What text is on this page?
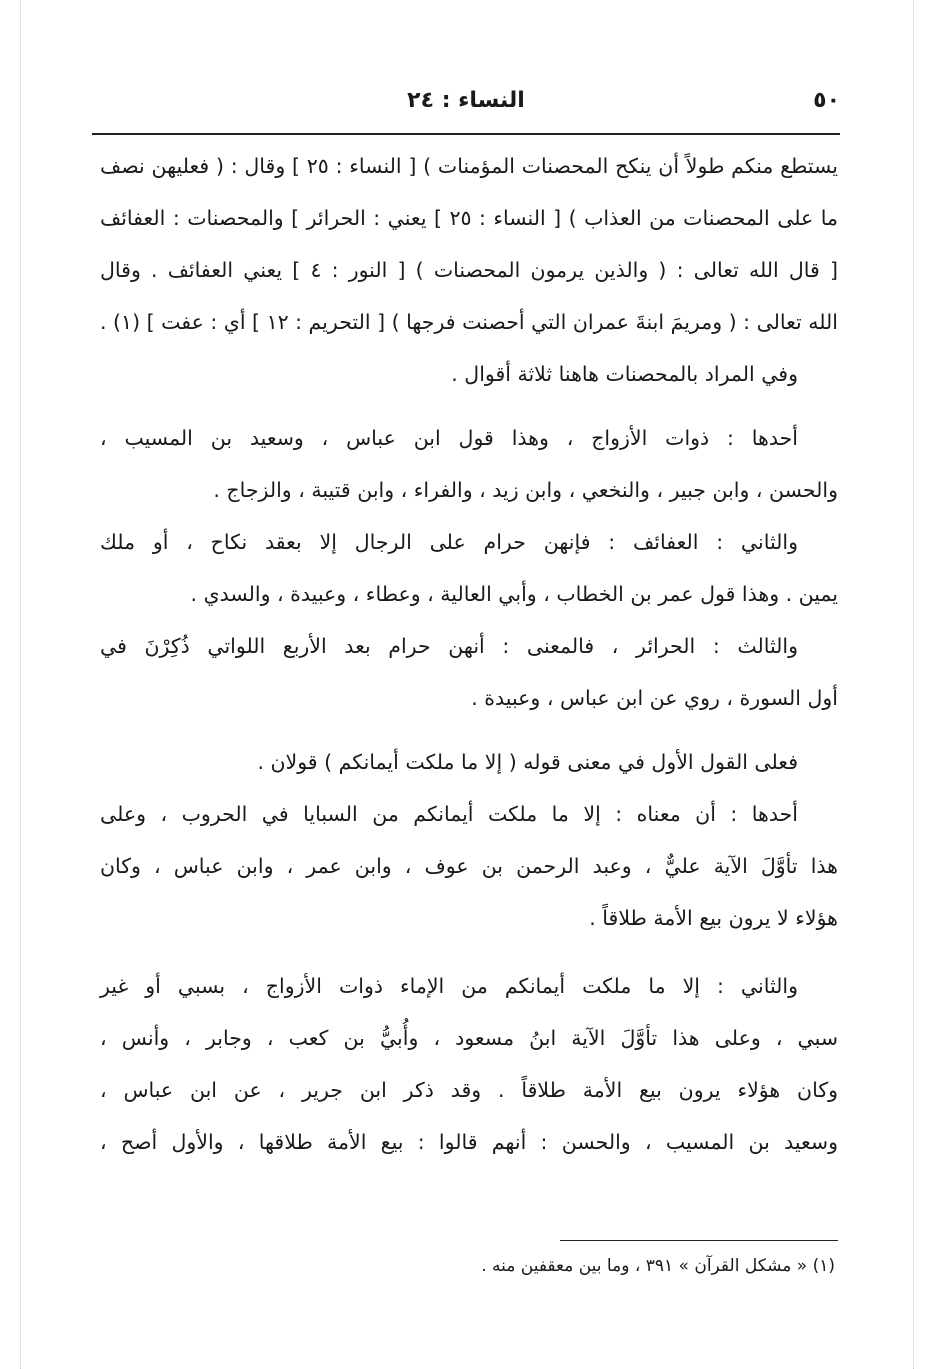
٥٠
النساء : ٢٤
يستطع منكم طولاً أن ينكح المحصنات المؤمنات ) [ النساء : ٢٥ ] وقال : ( فعليهن نصف
ما على المحصنات من العذاب ) [ النساء : ٢٥ ] يعني : الحرائر ] والمحصنات : العفائف
[ قال الله تعالى : ( والذين يرمون المحصنات ) [ النور : ٤ ] يعني العفائف . وقال
الله تعالى : ( ومريمَ ابنةَ عمران التي أحصنت فرجها ) [ التحريم : ١٢ ] أي : عفت ] (١) .
وفي المراد بالمحصنات هاهنا ثلاثة أقوال .
أحدها : ذوات الأزواج ، وهذا قول ابن عباس ، وسعيد بن المسيب ،
والحسن ، وابن جبير ، والنخعي ، وابن زيد ، والفراء ، وابن قتيبة ، والزجاج .
والثاني : العفائف : فإنهن حرام على الرجال إلا بعقد نكاح ، أو ملك
يمين . وهذا قول عمر بن الخطاب ، وأبي العالية ، وعطاء ، وعبيدة ، والسدي .
والثالث : الحرائر ، فالمعنى : أنهن حرام بعد الأربع اللواتي ذُكِرْنَ في
أول السورة ، روي عن ابن عباس ، وعبيدة .
فعلى القول الأول في معنى قوله ( إلا ما ملكت أيمانكم ) قولان .
أحدها : أن معناه : إلا ما ملكت أيمانكم من السبايا في الحروب ، وعلى
هذا تأوَّلَ الآية عليٌّ ، وعبد الرحمن بن عوف ، وابن عمر ، وابن عباس ، وكان
هؤلاء لا يرون بيع الأمة طلاقاً .
والثاني : إلا ما ملكت أيمانكم من الإماء ذوات الأزواج ، بسبي أو غير
سبي ، وعلى هذا تأوَّلَ الآية ابنُ مسعود ، وأُبيُّ بن كعب ، وجابر ، وأنس ،
وكان هؤلاء يرون بيع الأمة طلاقاً . وقد ذكر ابن جرير ، عن ابن عباس ،
وسعيد بن المسيب ، والحسن : أنهم قالوا : بيع الأمة طلاقها ، والأول أصح ،
(١) « مشكل القرآن » ٣٩١ ، وما بين معقفين منه .
